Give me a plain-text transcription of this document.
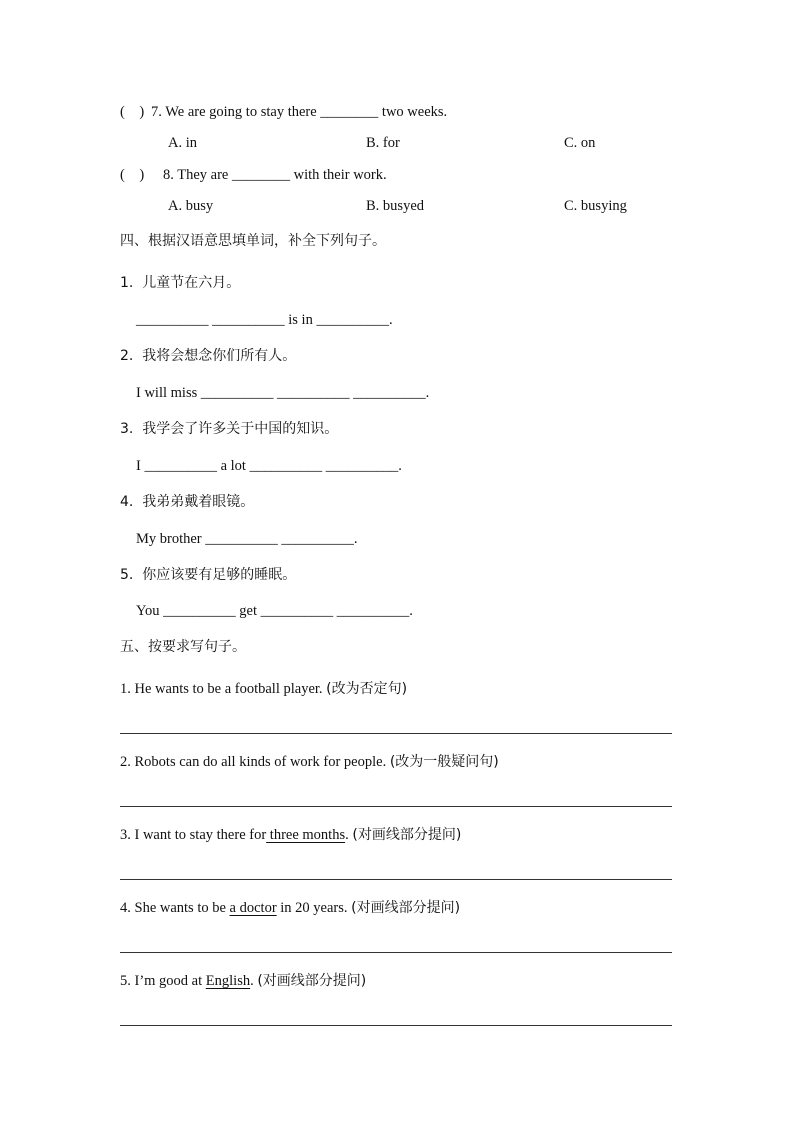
(    ) 7. We are going to stay there ________ two weeks.
A. in	B. for	C. on
(    ) 8. They are ________ with their work.
A. busy	B. busyed	C. busying
四、根据汉语意思填单词，补全下列句子。
1.  儿童节在六月。
__________ __________ is in __________.
2.  我将会想念你们所有人。
I will miss __________ __________ __________.
3.  我学会了许多关于中国的知识。
I __________ a lot __________ __________.
4.  我弟弟戴着眼镜。
My brother __________ __________.
5.  你应该要有足够的睡眠。
You __________ get __________ __________.
五、按要求写句子。
1. He wants to be a football player. (改为否定句)
2. Robots can do all kinds of work for people. (改为一般疑问句)
3. I want to stay there for three months. (对画线部分提问)
4. She wants to be a doctor in 20 years. (对画线部分提问)
5. I’m good at English. (对画线部分提问)
